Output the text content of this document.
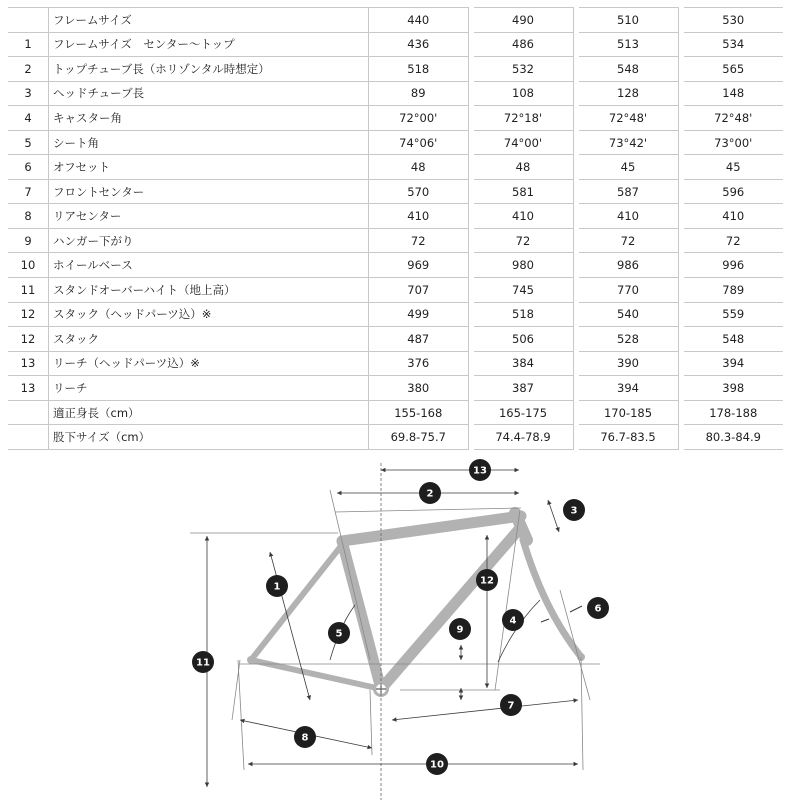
	フレームサイズ	440		490		510		530
1	フレームサイズ　センター〜トップ	436		486		513		534
2	トップチューブ長（ホリゾンタル時想定）	518		532		548		565
3	ヘッドチューブ長	89		108		128		148
4	キャスター角	72°00'		72°18'		72°48'		72°48'
5	シート角	74°06'		74°00'		73°42'		73°00'
6	オフセット	48		48		45		45
7	フロントセンター	570		581		587		596
8	リアセンター	410		410		410		410
9	ハンガー下がり	72		72		72		72
10	ホイールベース	969		980		986		996
11	スタンドオーバーハイト（地上高）	707		745		770		789
12	スタック（ヘッドパーツ込）※	499		518		540		559
12	スタック	487		506		528		548
13	リーチ（ヘッドパーツ込）※	376		384		390		394
13	リーチ	380		387		394		398
	適正身長（cm）	155-168		165-175		170-185		178-188
	股下サイズ（cm）	69.8-75.7		74.4-78.9		76.7-83.5		80.3-84.9
13
2
3
4
5
6
7
8
9
10
11
12
1
